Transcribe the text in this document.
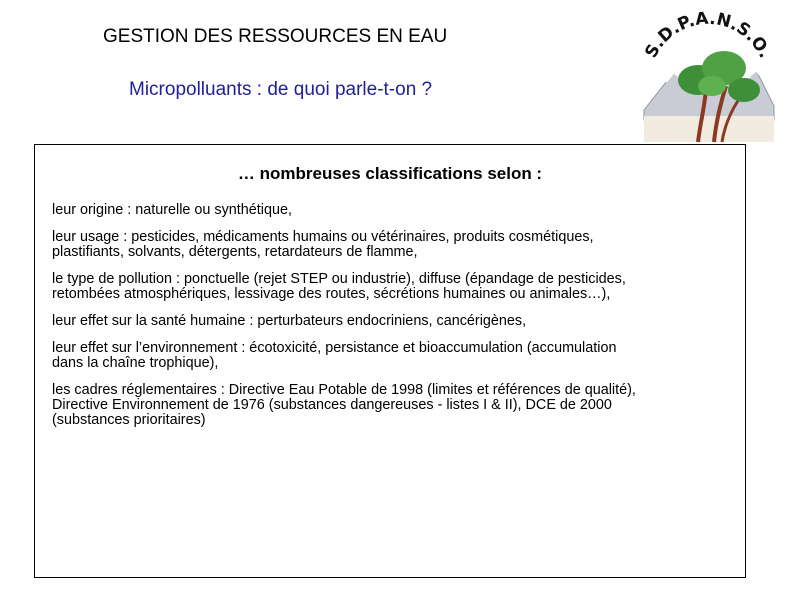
GESTION DES RESSOURCES EN EAU
Micropolluants : de quoi parle-t-on ?
S.D.P.A.N.S.O.
… nombreuses classifications selon :
leur origine : naturelle ou synthétique,
leur usage : pesticides, médicaments humains ou vétérinaires, produits cosmétiques,
plastifiants, solvants, détergents, retardateurs de flamme,
le type de pollution : ponctuelle (rejet STEP ou industrie), diffuse (épandage de pesticides,
retombées atmosphériques, lessivage des routes, sécrétions humaines ou animales…),
leur effet sur la santé humaine : perturbateurs endocriniens, cancérigènes,
leur effet sur l’environnement : écotoxicité, persistance et bioaccumulation (accumulation
dans la chaîne trophique),
les cadres réglementaires : Directive Eau Potable de 1998 (limites et références de qualité),
Directive Environnement de 1976 (substances dangereuses - listes I & II), DCE de 2000
(substances prioritaires)
